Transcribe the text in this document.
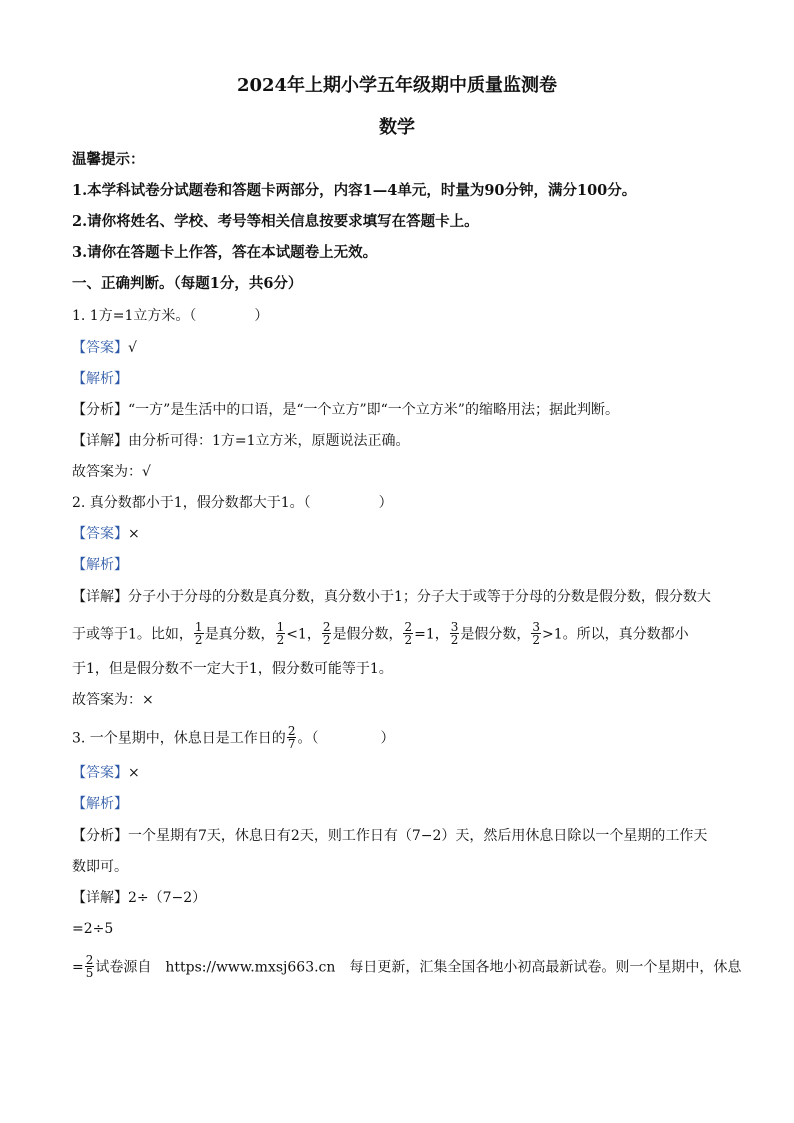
2024年上期小学五年级期中质量监测卷
数学
温馨提示：
1.本学科试卷分试题卷和答题卡两部分，内容1—4单元，时量为90分钟，满分100分。
2.请你将姓名、学校、考号等相关信息按要求填写在答题卡上。
3.请你在答题卡上作答，答在本试题卷上无效。
一、正确判断。（每题1分，共6分）
1. 1方=1立方米。（	）
【答案】√
【解析】
【分析】“一方”是生活中的口语，是“一个立方”即“一个立方米”的缩略用法；据此判断。
【详解】由分析可得：1方=1立方米，原题说法正确。
故答案为：√
2. 真分数都小于1，假分数都大于1。（	）
【答案】×
【解析】
【详解】分子小于分母的分数是真分数，真分数小于1；分子大于或等于分母的分数是假分数，假分数大
于或等于1。比如， $\frac{1}{2}$ 是真分数， $\frac{1}{2} <1$， $\frac{2}{2}$ 是假分数， $\frac{2}{2} =1$， $\frac{3}{2}$ 是假分数， $\frac{3}{2} >1$。所以，真分数都小
于1，但是假分数不一定大于1，假分数可能等于1。
故答案为：×
3. 一个星期中，休息日是工作日的 $\frac{2}{7}$ 。（	）
【答案】×
【解析】
【分析】一个星期有7天，休息日有2天，则工作日有（7−2）天，然后用休息日除以一个星期的工作天
数即可。
【详解】2÷（7−2）
=2÷5
= $\frac{2}{5}$ 试卷源自　https://www.mxsj663.cn　每日更新，汇集全国各地小初高最新试卷。则一个星期中，休息
